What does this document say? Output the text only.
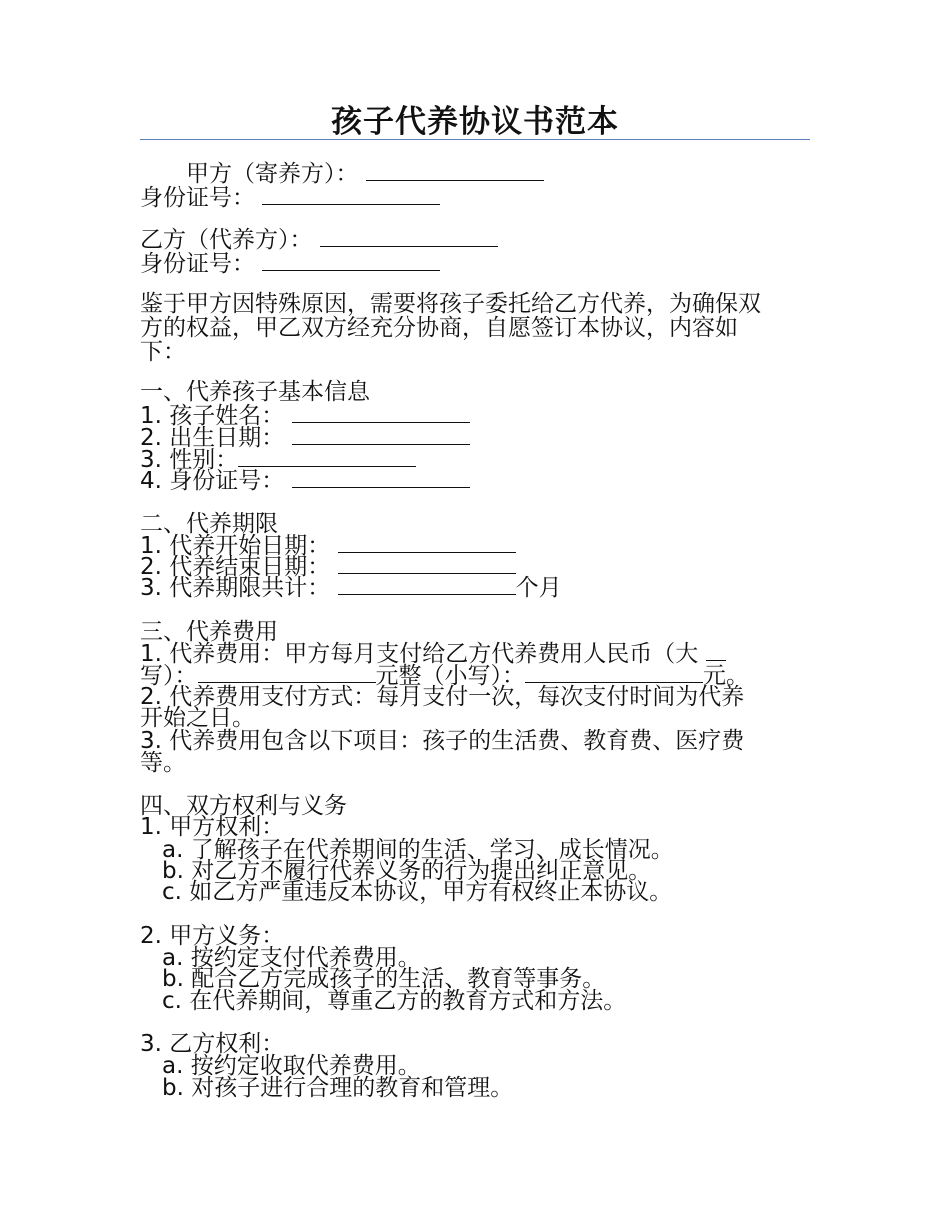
孩子代养协议书范本
甲方（寄养方）：
身份证号：
乙方（代养方）：
身份证号：
鉴于甲方因特殊原因，需要将孩子委托给乙方代养，为确保双
方的权益，甲乙双方经充分协商，自愿签订本协议，内容如
下：
一、代养孩子基本信息
1. 孩子姓名：
2. 出生日期：
3. 性别：
4. 身份证号：
二、代养期限
1. 代养开始日期：
2. 代养结束日期：
3. 代养期限共计：	个月
三、代养费用
1. 代养费用：甲方每月支付给乙方代养费用人民币（大
写）：	元整（小写）：	元。
2. 代养费用支付方式：每月支付一次，每次支付时间为代养
开始之日。
3. 代养费用包含以下项目：孩子的生活费、教育费、医疗费
等。
四、双方权利与义务
1. 甲方权利：
a. 了解孩子在代养期间的生活、学习、成长情况。
b. 对乙方不履行代养义务的行为提出纠正意见。
c. 如乙方严重违反本协议，甲方有权终止本协议。
2. 甲方义务：
a. 按约定支付代养费用。
b. 配合乙方完成孩子的生活、教育等事务。
c. 在代养期间，尊重乙方的教育方式和方法。
3. 乙方权利：
a. 按约定收取代养费用。
b. 对孩子进行合理的教育和管理。
